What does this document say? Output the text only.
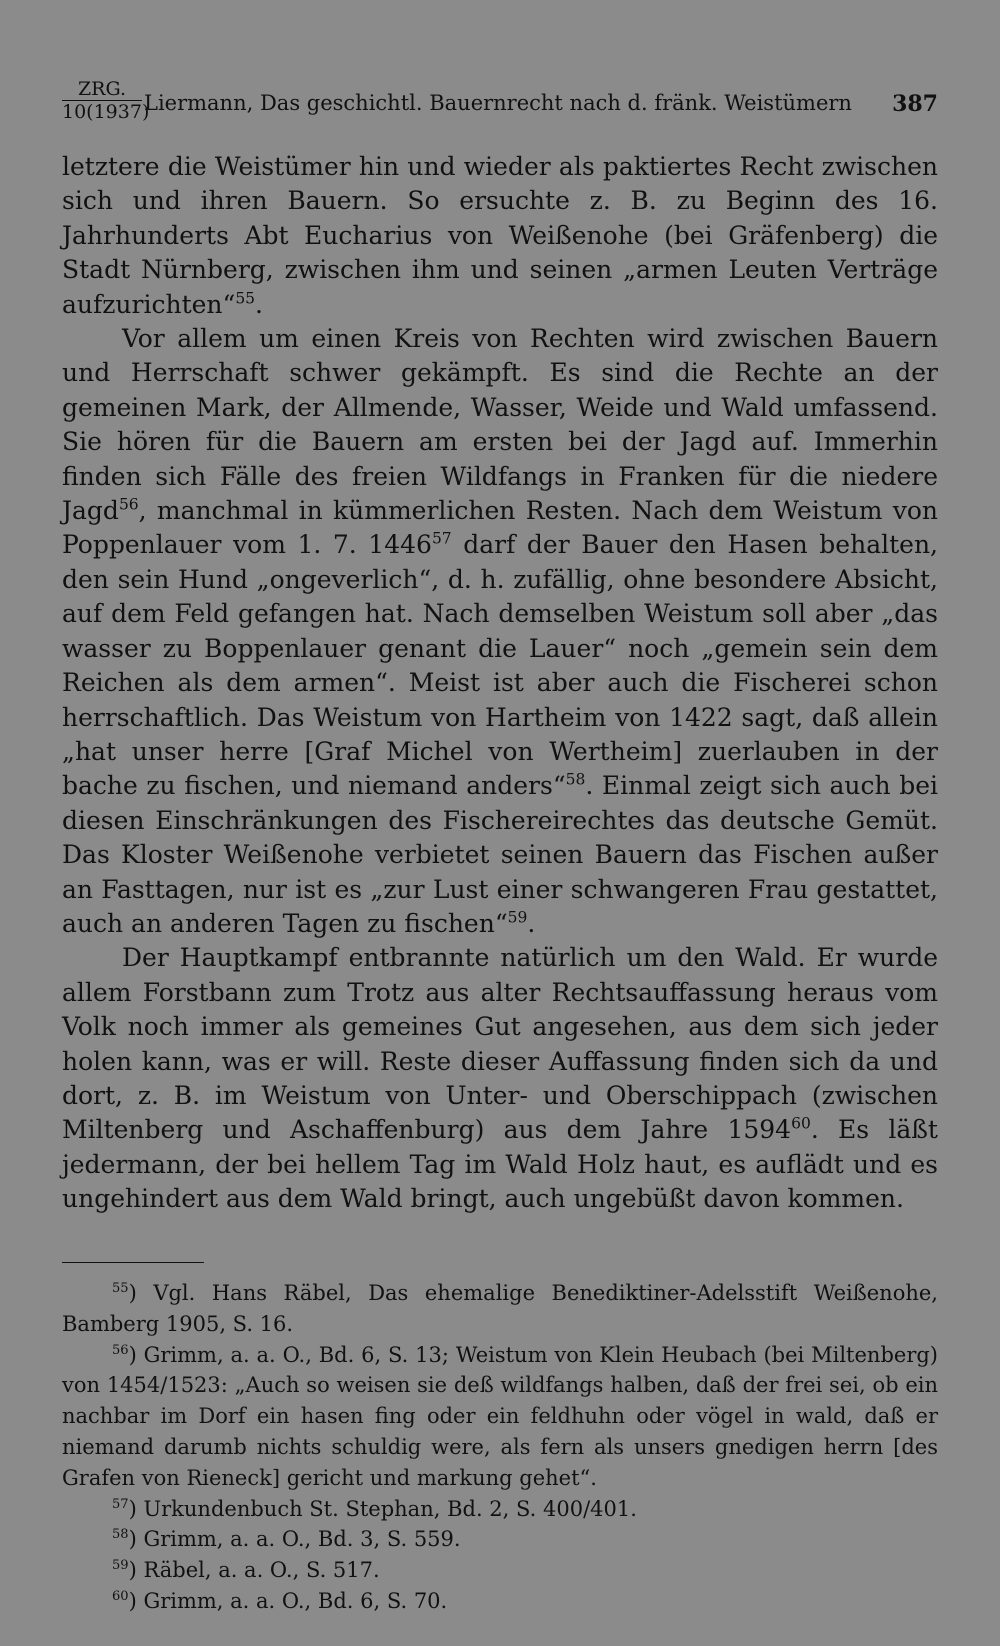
ZRG.
10(1937)
Liermann, Das geschichtl. Bauernrecht nach d. fränk. Weistümern 387

letztere die Weistümer hin und wieder als paktiertes Recht zwischen sich und ihren Bauern. So ersuchte z. B. zu Beginn des 16. Jahrhunderts Abt Eucharius von Weißenohe (bei Gräfenberg) die Stadt Nürnberg, zwischen ihm und seinen „armen Leuten Verträge aufzurichten“$^{55}$.

Vor allem um einen Kreis von Rechten wird zwischen Bauern und Herrschaft schwer gekämpft. Es sind die Rechte an der gemeinen Mark, der Allmende, Wasser, Weide und Wald umfassend. Sie hören für die Bauern am ersten bei der Jagd auf. Immerhin finden sich Fälle des freien Wildfangs in Franken für die niedere Jagd$^{56}$, manchmal in kümmerlichen Resten. Nach dem Weistum von Poppenlauer vom 1. 7. 1446$^{57}$ darf der Bauer den Hasen behalten, den sein Hund „ongeverlich“, d. h. zufällig, ohne besondere Absicht, auf dem Feld gefangen hat. Nach demselben Weistum soll aber „das wasser zu Boppenlauer genant die Lauer“ noch „gemein sein dem Reichen als dem armen“. Meist ist aber auch die Fischerei schon herrschaftlich. Das Weistum von Hartheim von 1422 sagt, daß allein „hat unser herre [Graf Michel von Wertheim] zuerlauben in der bache zu fischen, und niemand anders“$^{58}$. Einmal zeigt sich auch bei diesen Einschränkungen des Fischereirechtes das deutsche Gemüt. Das Kloster Weißenohe verbietet seinen Bauern das Fischen außer an Fasttagen, nur ist es „zur Lust einer schwangeren Frau gestattet, auch an anderen Tagen zu fischen“$^{59}$.

Der Hauptkampf entbrannte natürlich um den Wald. Er wurde allem Forstbann zum Trotz aus alter Rechtsauffassung heraus vom Volk noch immer als gemeines Gut angesehen, aus dem sich jeder holen kann, was er will. Reste dieser Auffassung finden sich da und dort, z. B. im Weistum von Unter- und Oberschippach (zwischen Miltenberg und Aschaffenburg) aus dem Jahre 1594$^{60}$. Es läßt jedermann, der bei hellem Tag im Wald Holz haut, es auflädt und es ungehindert aus dem Wald bringt, auch ungebüßt davon kommen.

$^{55}$) Vgl. Hans Räbel, Das ehemalige Benediktiner-Adelsstift Weißenohe, Bamberg 1905, S. 16.

$^{56}$) Grimm, a. a. O., Bd. 6, S. 13; Weistum von Klein Heubach (bei Miltenberg) von 1454/1523: „Auch so weisen sie deß wildfangs halben, daß der frei sei, ob ein nachbar im Dorf ein hasen fing oder ein feldhuhn oder vögel in wald, daß er niemand darumb nichts schuldig were, als fern als unsers gnedigen herrn [des Grafen von Rieneck] gericht und markung gehet“.

$^{57}$) Urkundenbuch St. Stephan, Bd. 2, S. 400/401.

$^{58}$) Grimm, a. a. O., Bd. 3, S. 559.

$^{59}$) Räbel, a. a. O., S. 517.

$^{60}$) Grimm, a. a. O., Bd. 6, S. 70.
